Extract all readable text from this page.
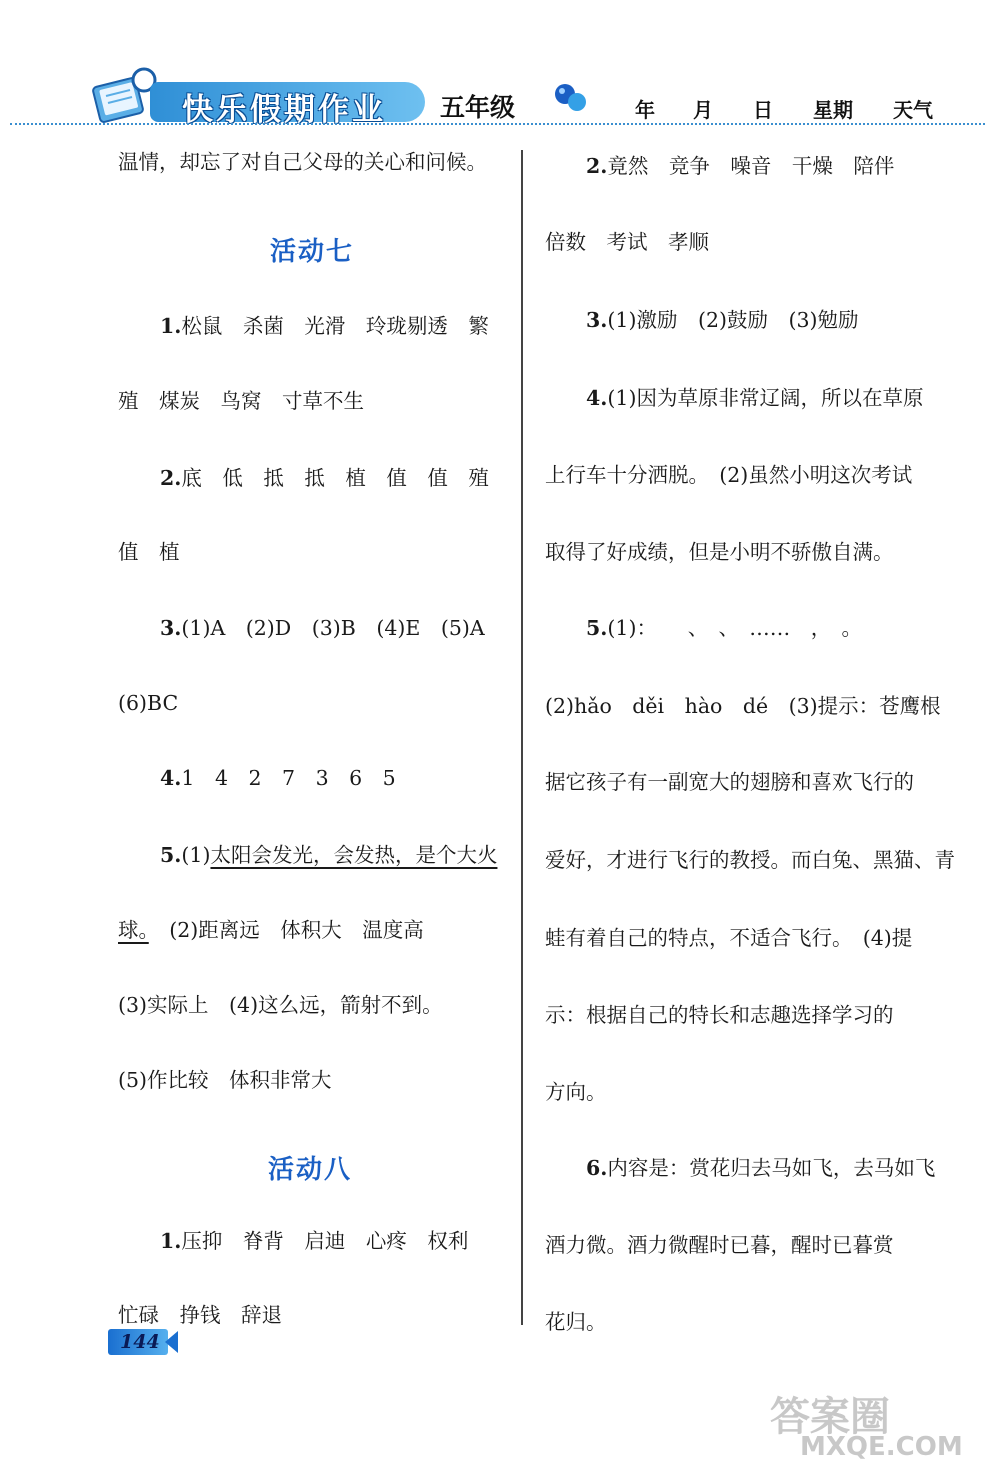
快乐假期作业 五年级	年 月 日 星期 天气
温情，却忘了对自己父母的关心和问候。
活动七
1.松鼠　杀菌　光滑　玲珑剔透　繁
殖　煤炭　鸟窝　寸草不生
2.底　低　抵　抵　植　值　值　殖
值　植
3.(1)A　(2)D　(3)B　(4)E　(5)A
(6)BC
4.1　4　2　7　3　6　5
5.(1)太阳会发光，会发热，是个大火
球。　(2)距离远　体积大　温度高
(3)实际上　(4)这么远，箭射不到。
(5)作比较　体积非常大
活动八
1.压抑　脊背　启迪　心疼　权利
忙碌　挣钱　辞退
2.竟然　竞争　噪音　干燥　陪伴
倍数　考试　孝顺
3.(1)激励　(2)鼓励　(3)勉励
4.(1)因为草原非常辽阔，所以在草原
上行车十分洒脱。　(2)虽然小明这次考试
取得了好成绩，但是小明不骄傲自满。
5.(1)：　　、　、　……　，　。
(2)hǎo　děi　hào　dé　(3)提示：苍鹰根
据它孩子有一副宽大的翅膀和喜欢飞行的
爱好，才进行飞行的教授。而白兔、黑猫、青
蛙有着自己的特点，不适合飞行。　(4)提
示：根据自己的特长和志趣选择学习的
方向。
6.内容是：赏花归去马如飞，去马如飞
酒力微。酒力微醒时已暮，醒时已暮赏
花归。
144
答案圈
MXQE.COM
